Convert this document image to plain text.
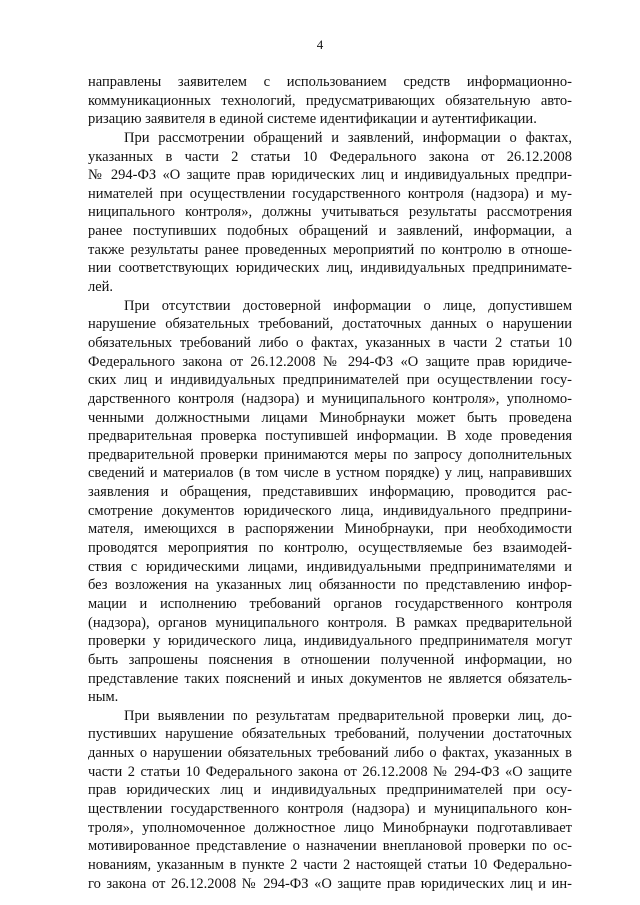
4
направлены заявителем с использованием средств информационно-
коммуникационных технологий, предусматривающих обязательную авто-
ризацию заявителя в единой системе идентификации и аутентификации.
При рассмотрении обращений и заявлений, информации о фактах,
указанных в части 2 статьи 10 Федерального закона от 26.12.2008
№ 294-ФЗ «О защите прав юридических лиц и индивидуальных предпри-
нимателей при осуществлении государственного контроля (надзора) и му-
ниципального контроля», должны учитываться результаты рассмотрения
ранее поступивших подобных обращений и заявлений, информации, а
также результаты ранее проведенных мероприятий по контролю в отноше-
нии соответствующих юридических лиц, индивидуальных предпринимате-
лей.
При отсутствии достоверной информации о лице, допустившем
нарушение обязательных требований, достаточных данных о нарушении
обязательных требований либо о фактах, указанных в части 2 статьи 10
Федерального закона от 26.12.2008 № 294-ФЗ «О защите прав юридиче-
ских лиц и индивидуальных предпринимателей при осуществлении госу-
дарственного контроля (надзора) и муниципального контроля», уполномо-
ченными должностными лицами Минобрнауки может быть проведена
предварительная проверка поступившей информации. В ходе проведения
предварительной проверки принимаются меры по запросу дополнительных
сведений и материалов (в том числе в устном порядке) у лиц, направивших
заявления и обращения, представивших информацию, проводится рас-
смотрение документов юридического лица, индивидуального предприни-
мателя, имеющихся в распоряжении Минобрнауки, при необходимости
проводятся мероприятия по контролю, осуществляемые без взаимодей-
ствия с юридическими лицами, индивидуальными предпринимателями и
без возложения на указанных лиц обязанности по представлению инфор-
мации и исполнению требований органов государственного контроля
(надзора), органов муниципального контроля. В рамках предварительной
проверки у юридического лица, индивидуального предпринимателя могут
быть запрошены пояснения в отношении полученной информации, но
представление таких пояснений и иных документов не является обязатель-
ным.
При выявлении по результатам предварительной проверки лиц, до-
пустивших нарушение обязательных требований, получении достаточных
данных о нарушении обязательных требований либо о фактах, указанных в
части 2 статьи 10 Федерального закона от 26.12.2008 № 294-ФЗ «О защите
прав юридических лиц и индивидуальных предпринимателей при осу-
ществлении государственного контроля (надзора) и муниципального кон-
троля», уполномоченное должностное лицо Минобрнауки подготавливает
мотивированное представление о назначении внеплановой проверки по ос-
нованиям, указанным в пункте 2 части 2 настоящей статьи 10 Федерально-
го закона от 26.12.2008 № 294-ФЗ «О защите прав юридических лиц и ин-
